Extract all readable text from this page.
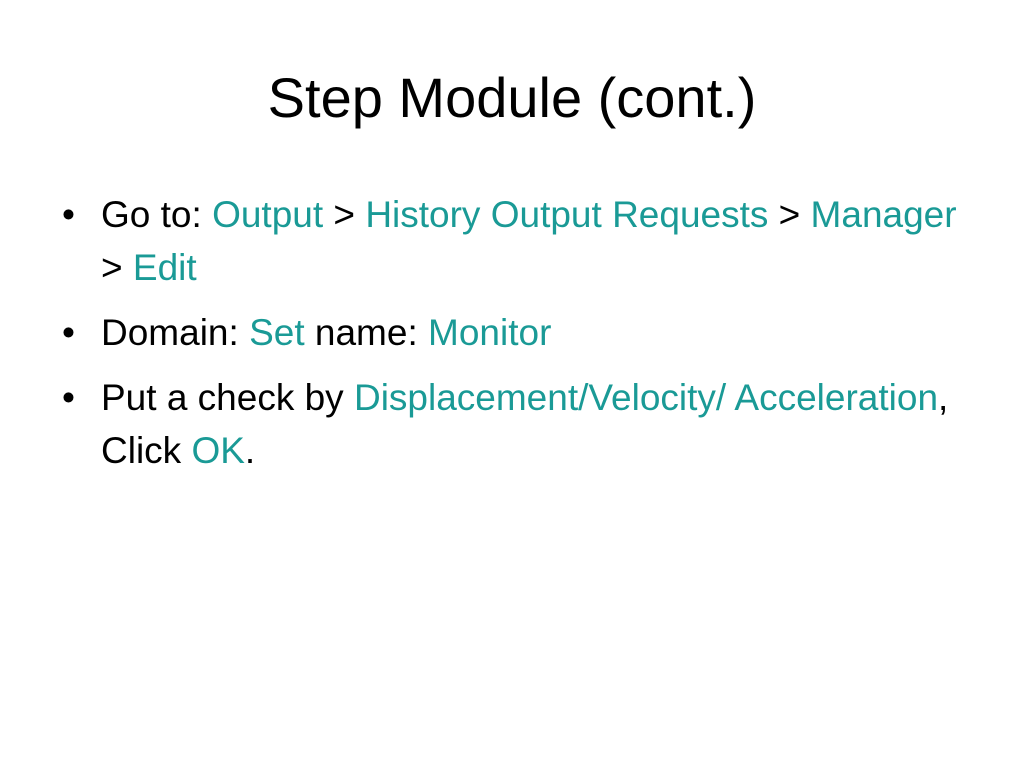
Step Module (cont.)
• Go to: Output > History Output Requests > Manager > Edit
• Domain: Set name: Monitor
• Put a check by Displacement/Velocity/ Acceleration, Click OK.
